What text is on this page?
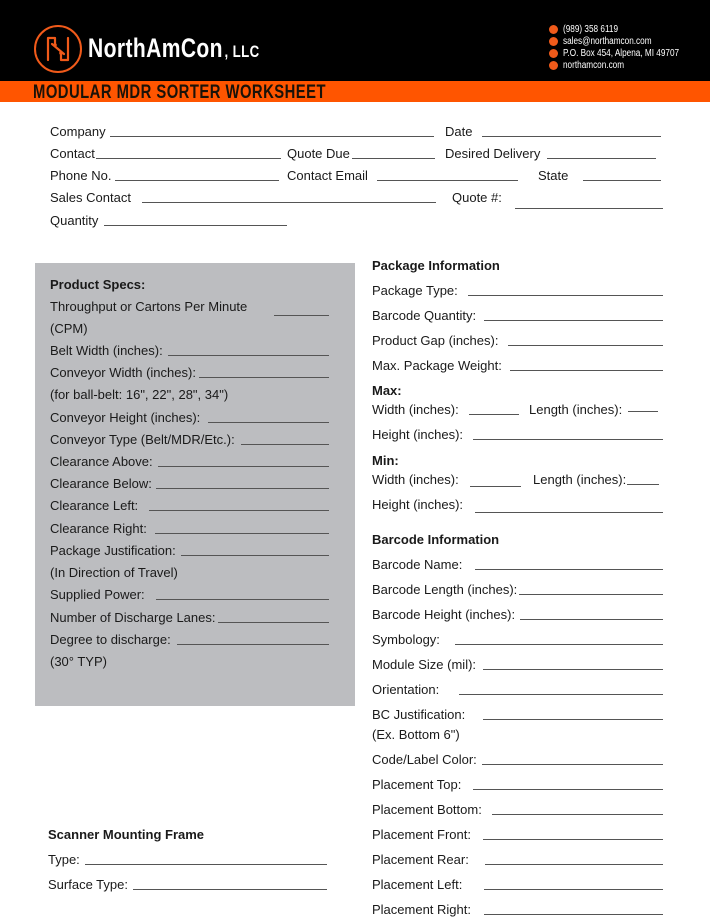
NorthAmCon, LLC
(989) 358 6119
sales@northamcon.com
P.O. Box 454, Alpena, MI 49707
northamcon.com
MODULAR MDR SORTER WORKSHEET
Company	Date
Contact	Quote Due	Desired Delivery
Phone No.	Contact Email	State
Sales Contact	Quote #:
Quantity
Product Specs:
Throughput or Cartons Per Minute
(CPM)
Belt Width (inches):
Conveyor Width (inches):
(for ball-belt: 16", 22", 28", 34")
Conveyor Height (inches):
Conveyor Type (Belt/MDR/Etc.):
Clearance Above:
Clearance Below:
Clearance Left:
Clearance Right:
Package Justification:
(In Direction of Travel)
Supplied Power:
Number of Discharge Lanes:
Degree to discharge:
(30° TYP)
Scanner Mounting Frame
Type:
Surface Type:
Package Information
Package Type:
Barcode Quantity:
Product Gap (inches):
Max. Package Weight:
Max:
Width (inches):	Length (inches):
Height (inches):
Min:
Width (inches):	Length (inches):
Height (inches):
Barcode Information
Barcode Name:
Barcode Length (inches):
Barcode Height (inches):
Symbology:
Module Size (mil):
Orientation:
BC Justification:
(Ex. Bottom 6")
Code/Label Color:
Placement Top:
Placement Bottom:
Placement Front:
Placement Rear:
Placement Left:
Placement Right:
